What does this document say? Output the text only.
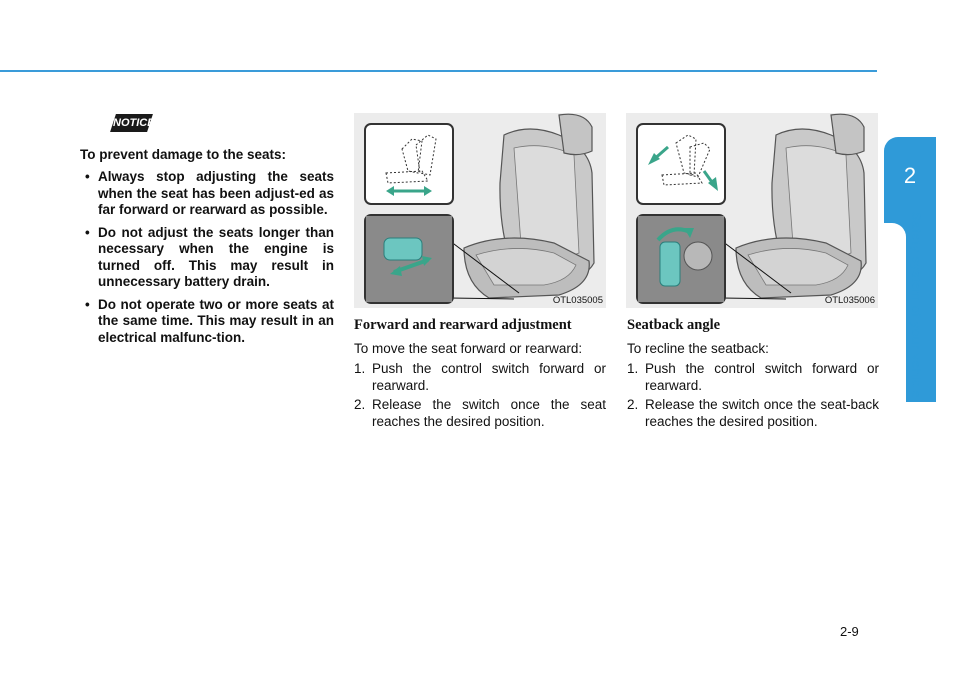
2
Safety system of your vehicle
NOTICE

To prevent damage to the seats:

• Always stop adjusting the seats when the seat has been adjust-ed as far forward or rearward as possible.
• Do not adjust the seats longer than necessary when the engine is turned off. This may result in unnecessary battery drain.
• Do not operate two or more seats at the same time. This may result in an electrical malfunc-tion.
OTL035005	OTL035006
Forward and rearward adjustment

To move the seat forward or rearward:

1. Push the control switch forward or rearward.
2. Release the switch once the seat reaches the desired position.
Seatback angle

To recline the seatback:

1. Push the control switch forward or rearward.
2. Release the switch once the seat-back reaches the desired position.
2-9
